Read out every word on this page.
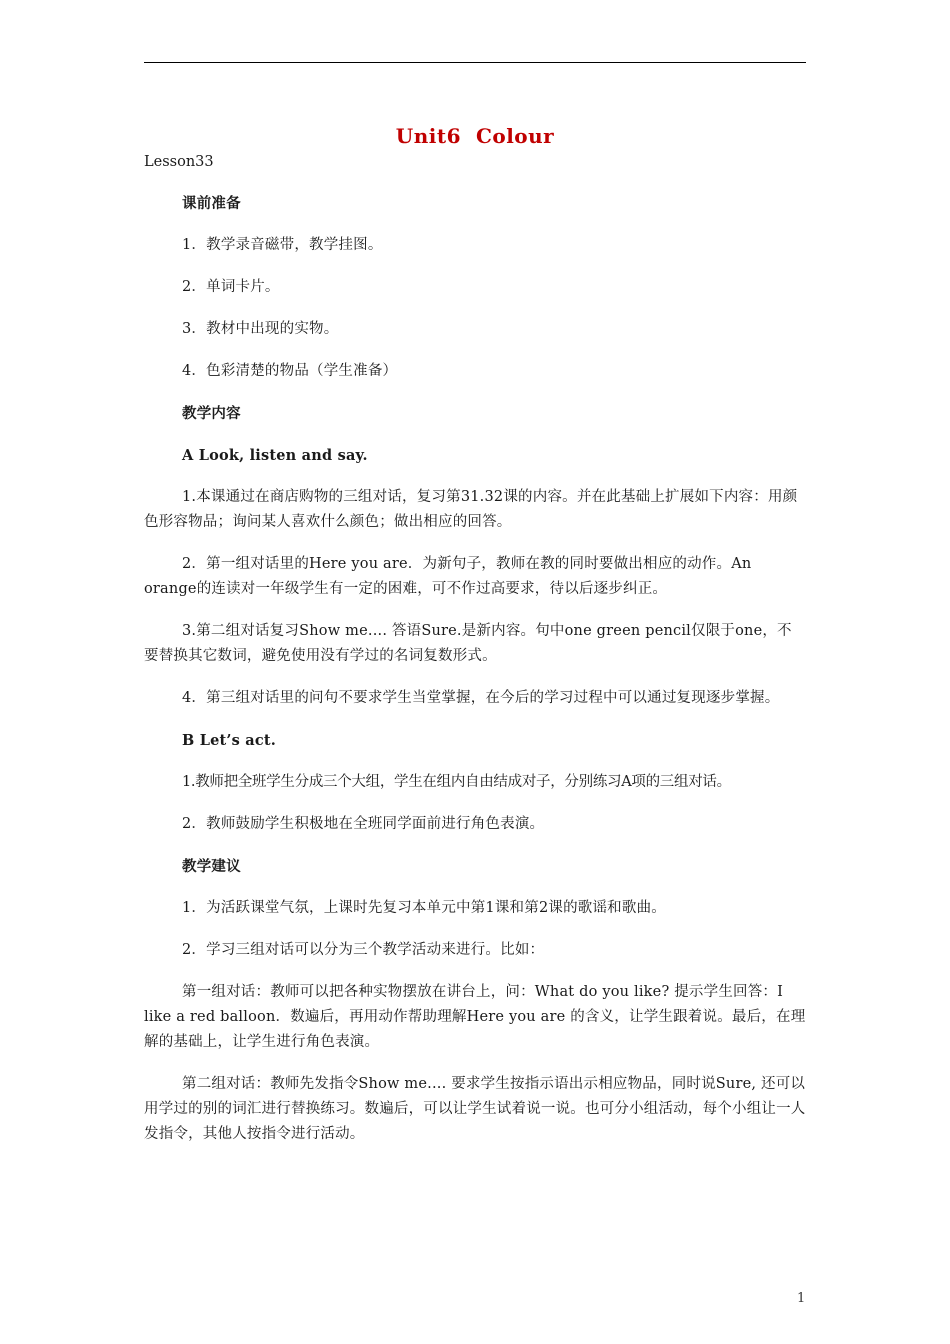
Unit6  Colour

Lesson33

课前准备

1．教学录音磁带，教学挂图。

2．单词卡片。

3．教材中出现的实物。

4．色彩清楚的物品（学生准备）

教学内容

A Look, listen and say.

1.本课通过在商店购物的三组对话，复习第31.32课的内容。并在此基础上扩展如下内容：用颜色形容物品；询问某人喜欢什么颜色；做出相应的回答。

2．第一组对话里的Here you are．为新句子，教师在教的同时要做出相应的动作。An orange的连读对一年级学生有一定的困难，可不作过高要求，待以后逐步纠正。

3.第二组对话复习Show me.... 答语Sure.是新内容。句中one green pencil仅限于one，不要替换其它数词，避免使用没有学过的名词复数形式。

4．第三组对话里的问句不要求学生当堂掌握，在今后的学习过程中可以通过复现逐步掌握。

B Let’s act.

1.教师把全班学生分成三个大组，学生在组内自由结成对子，分别练习A项的三组对话。

2．教师鼓励学生积极地在全班同学面前进行角色表演。

教学建议

1．为活跃课堂气氛，上课时先复习本单元中第1课和第2课的歌谣和歌曲。

2．学习三组对话可以分为三个教学活动来进行。比如：

第一组对话：教师可以把各种实物摆放在讲台上，问：What do you like? 提示学生回答：I like a red balloon．数遍后，再用动作帮助理解Here you are 的含义，让学生跟着说。最后，在理解的基础上，让学生进行角色表演。

第二组对话：教师先发指令Show me.... 要求学生按指示语出示相应物品，同时说Sure, 还可以用学过的别的词汇进行替换练习。数遍后，可以让学生试着说一说。也可分小组活动，每个小组让一人发指令，其他人按指令进行活动。

1
